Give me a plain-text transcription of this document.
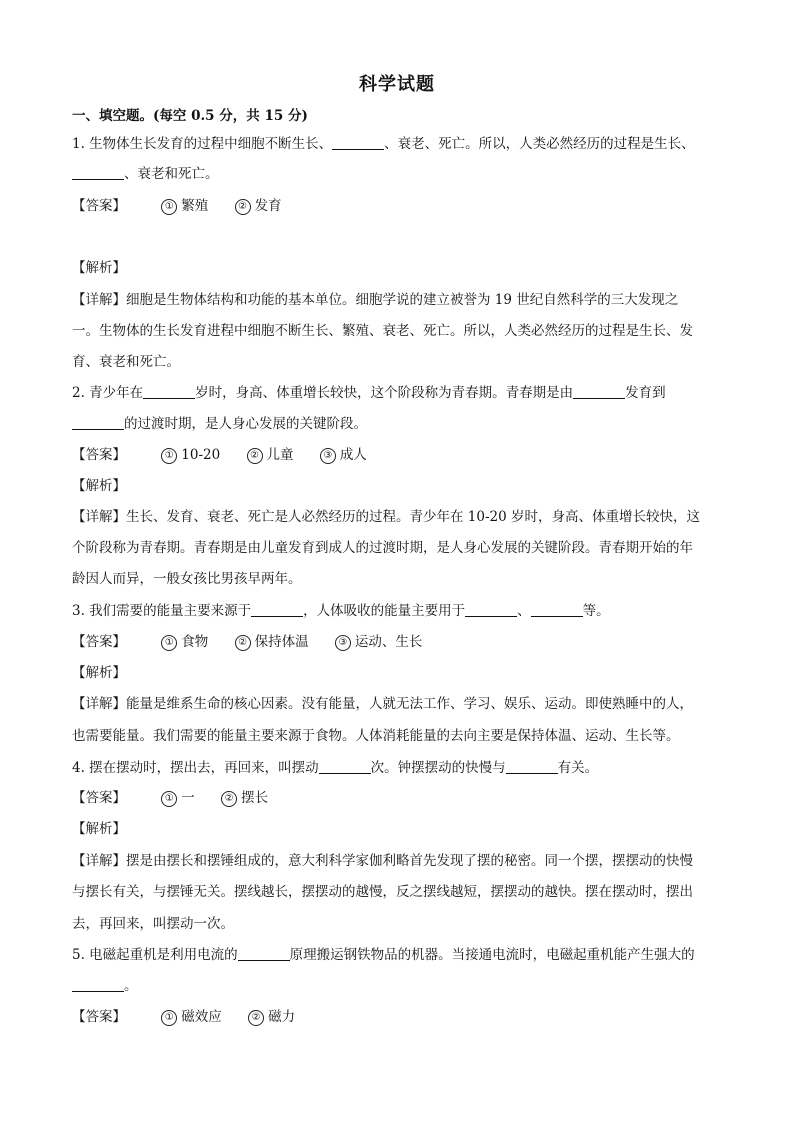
科学试题
一、填空题。(每空 0.5 分，共 15 分)
1. 生物体生长发育的过程中细胞不断生长、	、衰老、死亡。所以，人类必然经历的过程是生长、
、衰老和死亡。
【答案】	① 繁殖	② 发育
【解析】
【详解】细胞是生物体结构和功能的基本单位。细胞学说的建立被誉为 19 世纪自然科学的三大发现之
一。生物体的生长发育进程中细胞不断生长、繁殖、衰老、死亡。所以，人类必然经历的过程是生长、发
育、衰老和死亡。
2. 青少年在	岁时，身高、体重增长较快，这个阶段称为青春期。青春期是由	发育到
的过渡时期，是人身心发展的关键阶段。
【答案】	① 10-20	② 儿童	③ 成人
【解析】
【详解】生长、发育、衰老、死亡是人必然经历的过程。青少年在 10-20 岁时，身高、体重增长较快，这
个阶段称为青春期。青春期是由儿童发育到成人的过渡时期，是人身心发展的关键阶段。青春期开始的年
龄因人而异，一般女孩比男孩早两年。
3. 我们需要的能量主要来源于	，人体吸收的能量主要用于	、	等。
【答案】	① 食物	② 保持体温	③ 运动、生长
【解析】
【详解】能量是维系生命的核心因素。没有能量，人就无法工作、学习、娱乐、运动。即使熟睡中的人，
也需要能量。我们需要的能量主要来源于食物。人体消耗能量的去向主要是保持体温、运动、生长等。
4. 摆在摆动时，摆出去，再回来，叫摆动	次。钟摆摆动的快慢与	有关。
【答案】	① 一	② 摆长
【解析】
【详解】摆是由摆长和摆锤组成的，意大利科学家伽利略首先发现了摆的秘密。同一个摆，摆摆动的快慢
与摆长有关，与摆锤无关。摆线越长，摆摆动的越慢，反之摆线越短，摆摆动的越快。摆在摆动时，摆出
去，再回来，叫摆动一次。
5. 电磁起重机是利用电流的	原理搬运钢铁物品的机器。当接通电流时，电磁起重机能产生强大的
。
【答案】	① 磁效应	② 磁力
